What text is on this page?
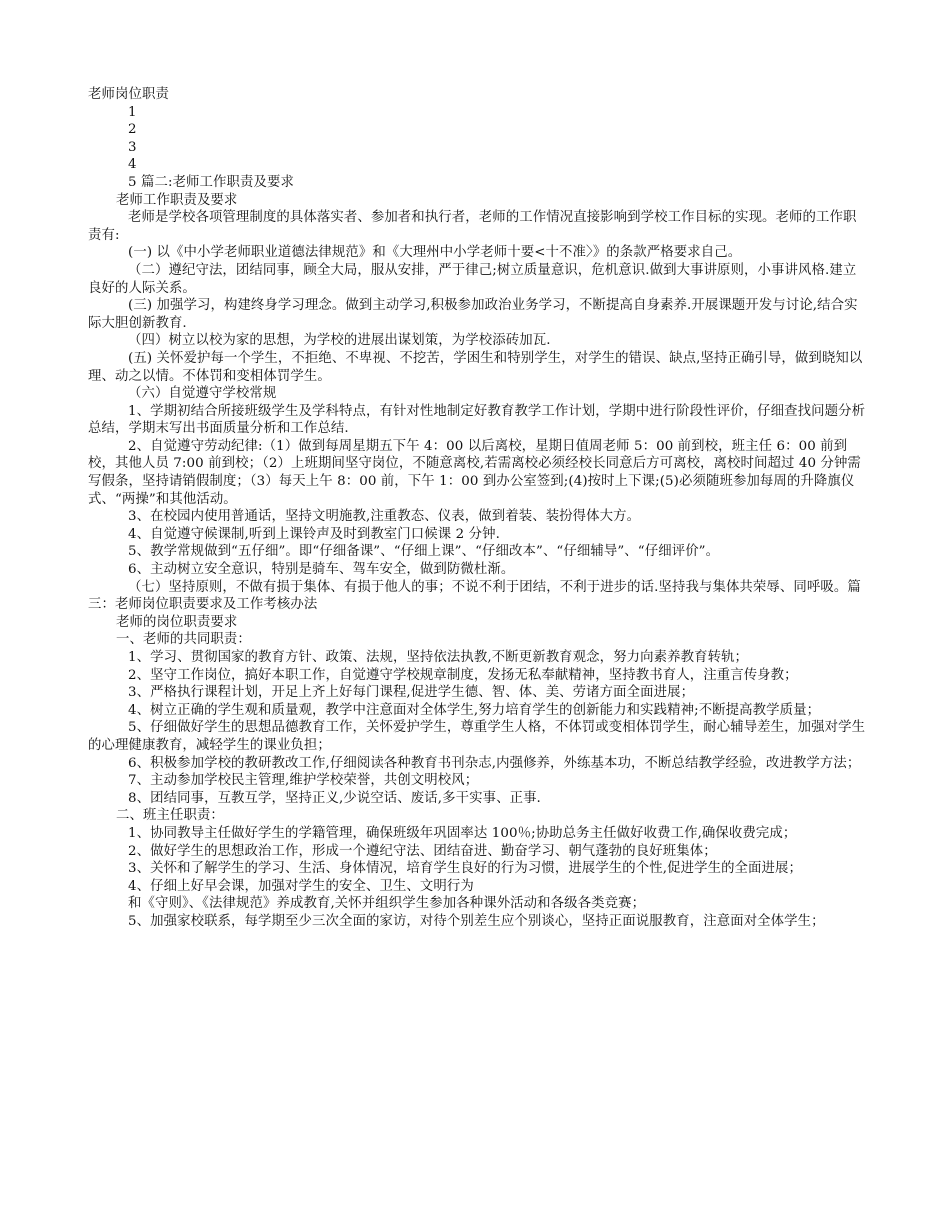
老师岗位职责

1

2

3

4

5 篇二:老师工作职责及要求

老师工作职责及要求

老师是学校各项管理制度的具体落实者、参加者和执行者，老师的工作情况直接影响到学校工作目标的实现。老师的工作职责有:

(一) 以《中小学老师职业道德法律规范》和《大理州中小学老师十要<十不准〉》的条款严格要求自己。

（二）遵纪守法，团结同事，顾全大局，服从安排，严于律己;树立质量意识，危机意识.做到大事讲原则，小事讲风格.建立良好的人际关系。

(三) 加强学习，构建终身学习理念。做到主动学习,积极参加政治业务学习，不断提高自身素养.开展课题开发与讨论,结合实际大胆创新教育.

（四）树立以校为家的思想，为学校的进展出谋划策，为学校添砖加瓦.

(五) 关怀爱护每一个学生，不拒绝、不卑视、不挖苦，学困生和特别学生，对学生的错误、缺点,坚持正确引导，做到晓知以理、动之以情。不体罚和变相体罚学生。

（六）自觉遵守学校常规

1、学期初结合所接班级学生及学科特点，有针对性地制定好教育教学工作计划，学期中进行阶段性评价，仔细查找问题分析总结，学期末写出书面质量分析和工作总结.

2、自觉遵守劳动纪律:（1）做到每周星期五下午 4：00 以后离校，星期日值周老师 5：00 前到校，班主任 6：00 前到校，其他人员 7:00 前到校；（2）上班期间坚守岗位，不随意离校,若需离校必须经校长同意后方可离校，离校时间超过 40 分钟需写假条，坚持请销假制度；（3）每天上午 8：00 前，下午 1：00 到办公室签到;(4)按时上下课;(5)必须随班参加每周的升降旗仪式、“两操”和其他活动。

3、在校园内使用普通话，坚持文明施教,注重教态、仪表，做到着装、装扮得体大方。

4、自觉遵守候课制,听到上课铃声及时到教室门口候课 2 分钟.

5、教学常规做到“五仔细”。即“仔细备课”、“仔细上课”、“仔细改本”、“仔细辅导”、“仔细评价”。

6、主动树立安全意识，特别是骑车、驾车安全，做到防微杜渐。

（七）坚持原则，不做有损于集体、有损于他人的事；不说不利于团结，不利于进步的话.坚持我与集体共荣辱、同呼吸。篇三：老师岗位职责要求及工作考核办法

老师的岗位职责要求

一、老师的共同职责：

1、学习、贯彻国家的教育方针、政策、法规，坚持依法执教,不断更新教育观念，努力向素养教育转轨；

2、坚守工作岗位，搞好本职工作，自觉遵守学校规章制度，发扬无私奉献精神，坚持教书育人，注重言传身教；

3、严格执行课程计划，开足上齐上好每门课程,促进学生德、智、体、美、劳诸方面全面进展；

4、树立正确的学生观和质量观，教学中注意面对全体学生,努力培育学生的创新能力和实践精神;不断提高教学质量；

5、仔细做好学生的思想品德教育工作，关怀爱护学生，尊重学生人格，不体罚或变相体罚学生，耐心辅导差生，加强对学生的心理健康教育，减轻学生的课业负担；

6、积极参加学校的教研教改工作,仔细阅读各种教育书刊杂志,内强修养，外练基本功，不断总结教学经验，改进教学方法；

7、主动参加学校民主管理,维护学校荣誉，共创文明校风；

8、团结同事，互教互学，坚持正义,少说空话、废话,多干实事、正事.

二、班主任职责：

1、协同教导主任做好学生的学籍管理，确保班级年巩固率达 100％;协助总务主任做好收费工作,确保收费完成；

2、做好学生的思想政治工作，形成一个遵纪守法、团结奋进、勤奋学习、朝气蓬勃的良好班集体；

3、关怀和了解学生的学习、生活、身体情况，培育学生良好的行为习惯，进展学生的个性,促进学生的全面进展；

4、仔细上好早会课，加强对学生的安全、卫生、文明行为

和《守则》、《法律规范》养成教育,关怀并组织学生参加各种课外活动和各级各类竞赛；

5、加强家校联系，每学期至少三次全面的家访，对待个别差生应个别谈心，坚持正面说服教育，注意面对全体学生；
